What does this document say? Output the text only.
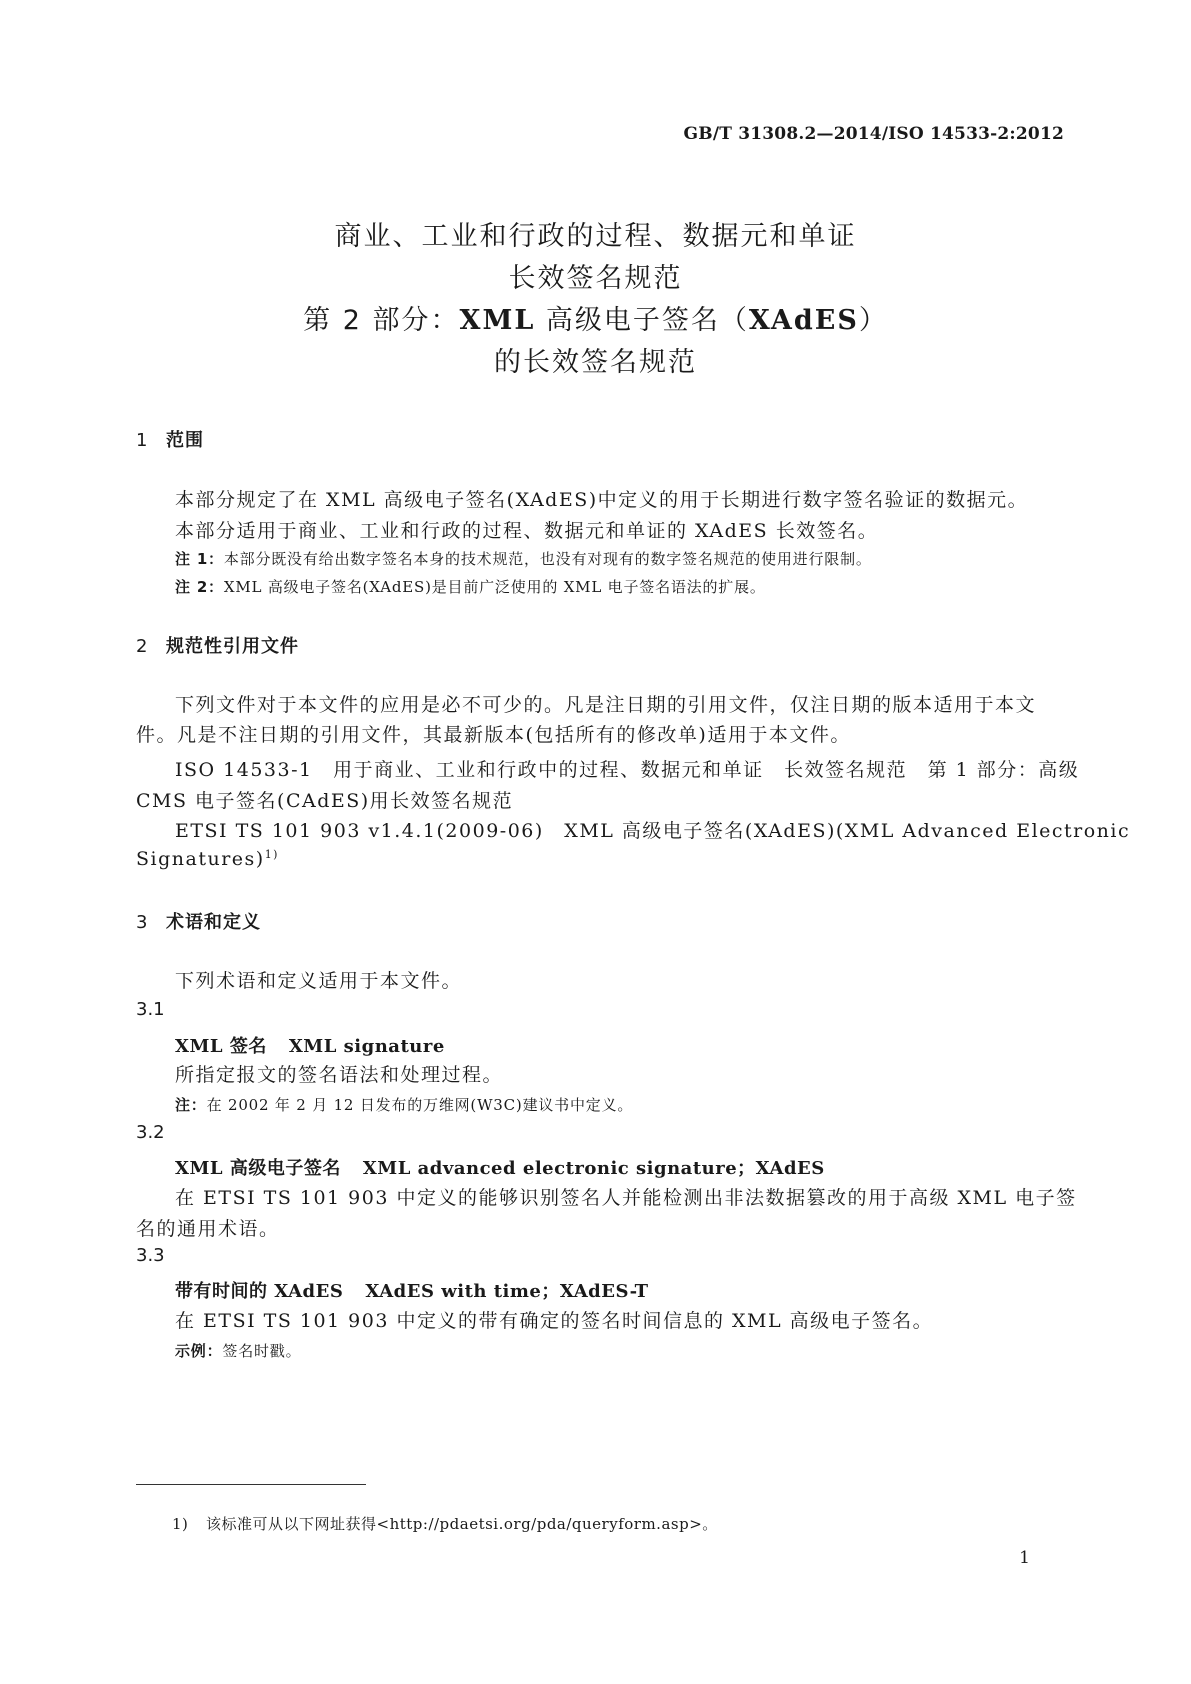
GB/T 31308.2—2014/ISO 14533-2:2012
商业、工业和行政的过程、数据元和单证
长效签名规范
第 2 部分：XML 高级电子签名（XAdES）
的长效签名规范
1 范围
本部分规定了在 XML 高级电子签名(XAdES)中定义的用于长期进行数字签名验证的数据元。
本部分适用于商业、工业和行政的过程、数据元和单证的 XAdES 长效签名。
注 1：本部分既没有给出数字签名本身的技术规范，也没有对现有的数字签名规范的使用进行限制。
注 2：XML 高级电子签名(XAdES)是目前广泛使用的 XML 电子签名语法的扩展。
2 规范性引用文件
下列文件对于本文件的应用是必不可少的。凡是注日期的引用文件，仅注日期的版本适用于本文
件。凡是不注日期的引用文件，其最新版本(包括所有的修改单)适用于本文件。
ISO 14533-1　用于商业、工业和行政中的过程、数据元和单证　长效签名规范　第 1 部分：高级
CMS 电子签名(CAdES)用长效签名规范
ETSI TS 101 903 v1.4.1(2009-06)　XML 高级电子签名(XAdES)(XML Advanced Electronic
Signatures)$^{1)}$
3 术语和定义
下列术语和定义适用于本文件。
3.1
XML 签名 XML signature
所指定报文的签名语法和处理过程。
注：在 2002 年 2 月 12 日发布的万维网(W3C)建议书中定义。
3.2
XML 高级电子签名 XML advanced electronic signature；XAdES
在 ETSI TS 101 903 中定义的能够识别签名人并能检测出非法数据篡改的用于高级 XML 电子签
名的通用术语。
3.3
带有时间的 XAdES XAdES with time；XAdES-T
在 ETSI TS 101 903 中定义的带有确定的签名时间信息的 XML 高级电子签名。
示例：签名时戳。
1) 该标准可从以下网址获得<http://pdaetsi.org/pda/queryform.asp>。
1
